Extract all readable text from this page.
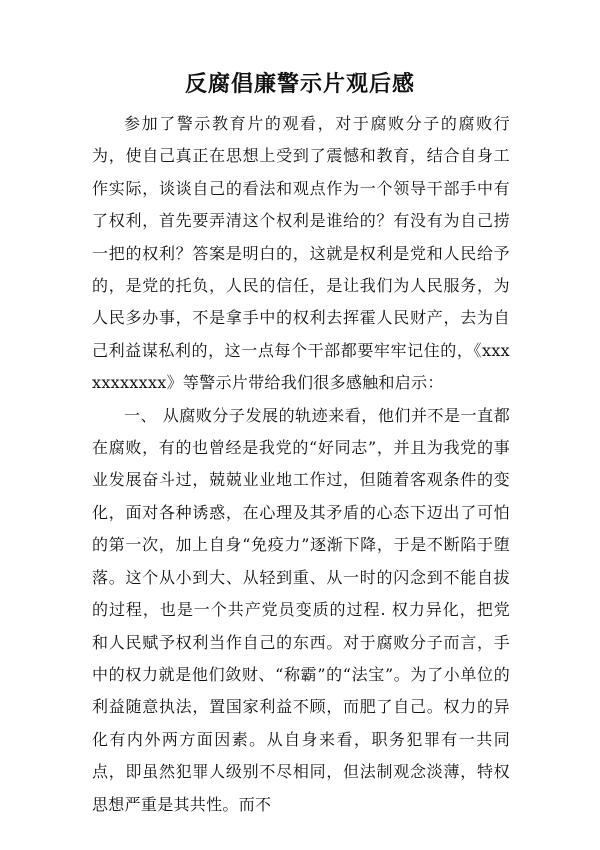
反腐倡廉警示片观后感

参加了警示教育片的观看，对于腐败分子的腐败行为，使自己真正在思想上受到了震憾和教育，结合自身工作实际，谈谈自己的看法和观点作为一个领导干部手中有了权利，首先要弄清这个权利是谁给的？有没有为自己捞一把的权利？答案是明白的，这就是权利是党和人民给予的，是党的托负，人民的信任，是让我们为人民服务，为人民多办事，不是拿手中的权利去挥霍人民财产，去为自己利益谋私利的，这一点每个干部都要牢牢记住的，《xxxxxxxxxxx》等警示片带给我们很多感触和启示：

一、 从腐败分子发展的轨迹来看，他们并不是一直都在腐败，有的也曾经是我党的“好同志”，并且为我党的事业发展奋斗过，兢兢业业地工作过，但随着客观条件的变化，面对各种诱惑，在心理及其矛盾的心态下迈出了可怕的第一次，加上自身“免疫力”逐渐下降，于是不断陷于堕落。这个从小到大、从轻到重、从一时的闪念到不能自拔的过程，也是一个共产党员变质的过程. 权力异化，把党和人民赋予权利当作自己的东西。对于腐败分子而言，手中的权力就是他们敛财、“称霸”的“法宝”。为了小单位的利益随意执法，置国家利益不顾，而肥了自己。权力的异化有内外两方面因素。从自身来看，职务犯罪有一共同点，即虽然犯罪人级别不尽相同，但法制观念淡薄，特权思想严重是其共性。而不
